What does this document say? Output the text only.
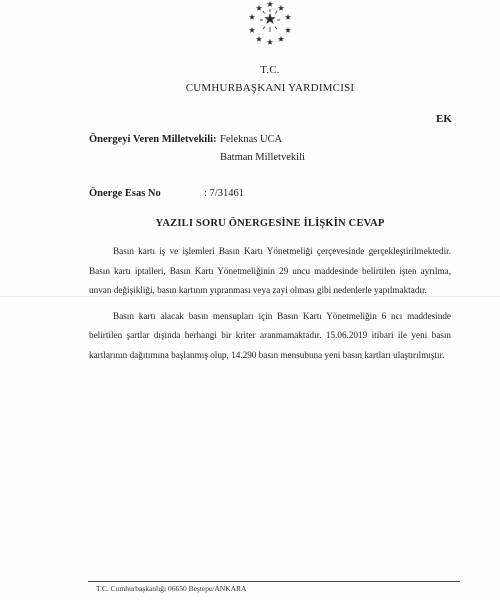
T.C.
CUMHURBAŞKANI YARDIMCISI
EK
Önergeyi Veren Milletvekili: Feleknas UCA
Batman Milletvekili
Önerge Esas No	: 7/31461
YAZILI SORU ÖNERGESİNE İLİŞKİN CEVAP

Basın kartı iş ve işlemleri Basın Kartı Yönetmeliği çerçevesinde gerçekleştirilmektedir. Basın kartı iptalleri, Basın Kartı Yönetmeliğinin 29 uncu maddesinde belirtilen işten ayrılma, unvan değişikliği, basın kartının yıpranması veya zayi olması gibi nedenlerle yapılmaktadır.

Basın kartı alacak basın mensupları için Basın Kartı Yönetmeliğin 6 ncı maddesinde belirtilen şartlar dışında herhangi bir kriter aranmamaktadır. 15.06.2019 itibari ile yeni basın kartlarının dağıtımına başlanmış olup, 14.290 basın mensubuna yeni basın kartları ulaştırılmıştır.

T.C. Cumhurbaşkanlığı 06650 Beştepe/ANKARA
